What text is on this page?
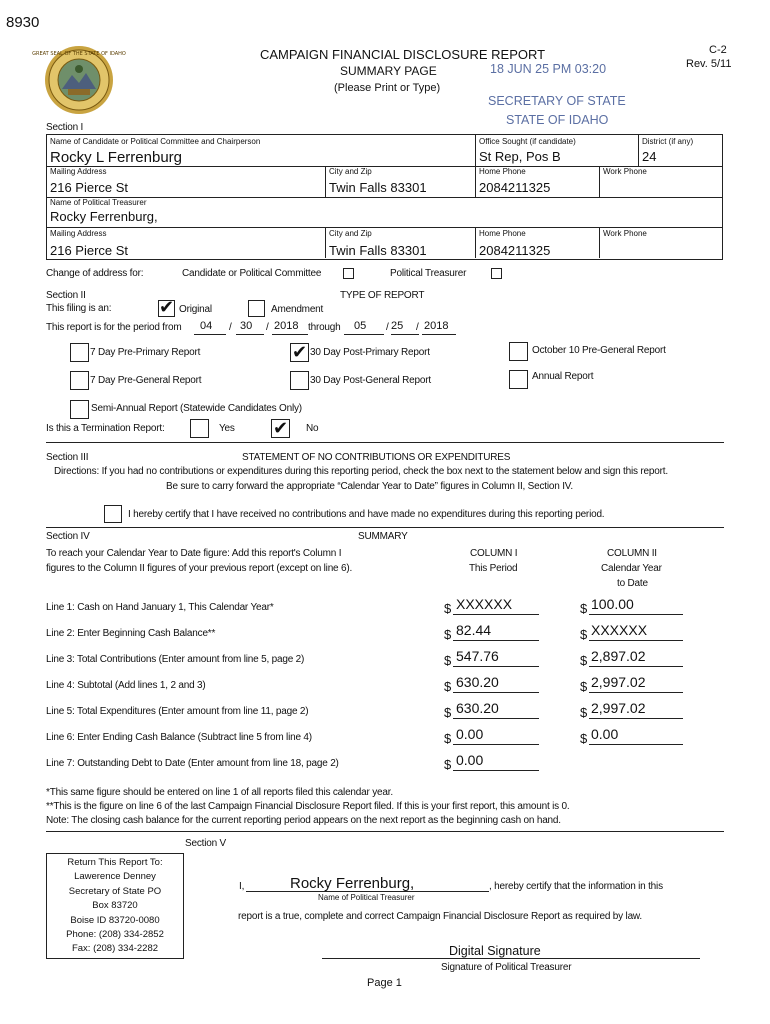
8930
C-2
Rev. 5/11
GREAT SEAL OF THE STATE OF IDAHO	CAMPAIGN FINANCIAL DISCLOSURE REPORT
SUMMARY PAGE
(Please Print or Type)
18 JUN 25 PM 03:20
SECRETARY OF STATE
STATE OF IDAHO
Section I
Name of Candidate or Political Committee and Chairperson
Rocky L Ferrenburg
Office Sought (if candidate)
St Rep, Pos B
District (if any)
24
Mailing Address
216 Pierce St
City and Zip
Twin Falls 83301
Home Phone
2084211325
Work Phone
Name of Political Treasurer
Rocky Ferrenburg,
Mailing Address
216 Pierce St
City and Zip
Twin Falls 83301
Home Phone
2084211325
Work Phone
Change of address for:	Candidate or Political Committee	Political Treasurer
Section II	TYPE OF REPORT
This filing is an:	✔ Original	Amendment
This report is for the period from 04 / 30 / 2018 through 05 / 25 / 2018
7 Day Pre-Primary Report	✔ 30 Day Post-Primary Report	October 10 Pre-General Report
7 Day Pre-General Report	30 Day Post-General Report	Annual Report
Semi-Annual Report (Statewide Candidates Only)
Is this a Termination Report:	Yes ✔ No
Section III	STATEMENT OF NO CONTRIBUTIONS OR EXPENDITURES
Directions: If you had no contributions or expenditures during this reporting period, check the box next to the statement below and sign this report.
Be sure to carry forward the appropriate “Calendar Year to Date” figures in Column II, Section IV.
I hereby certify that I have received no contributions and have made no expenditures during this reporting period.
Section IV	SUMMARY
To reach your Calendar Year to Date figure: Add this report's Column I
figures to the Column II figures of your previous report (except on line 6).
COLUMN I
This Period
COLUMN II
Calendar Year
to Date
Line 1: Cash on Hand January 1, This Calendar Year*	$ XXXXXX	$ 100.00
Line 2: Enter Beginning Cash Balance**	$ 82.44	$ XXXXXX
Line 3: Total Contributions (Enter amount from line 5, page 2)	$ 547.76	$ 2,897.02
Line 4: Subtotal (Add lines 1, 2 and 3)	$ 630.20	$ 2,997.02
Line 5: Total Expenditures (Enter amount from line 11, page 2)	$ 630.20	$ 2,997.02
Line 6: Enter Ending Cash Balance (Subtract line 5 from line 4)	$ 0.00	$ 0.00
Line 7: Outstanding Debt to Date (Enter amount from line 18, page 2)	$ 0.00
*This same figure should be entered on line 1 of all reports filed this calendar year.
**This is the figure on line 6 of the last Campaign Financial Disclosure Report filed. If this is your first report, this amount is 0.
Note: The closing cash balance for the current reporting period appears on the next report as the beginning cash on hand.
Section V
Return This Report To:
Lawerence Denney
Secretary of State PO
Box 83720
Boise ID 83720-0080
Phone: (208) 334-2852
Fax: (208) 334-2282
I,	Rocky Ferrenburg,	, hereby certify that the information in this
Name of Political Treasurer
report is a true, complete and correct Campaign Financial Disclosure Report as required by law.
Digital Signature
Signature of Political Treasurer
Page 1
